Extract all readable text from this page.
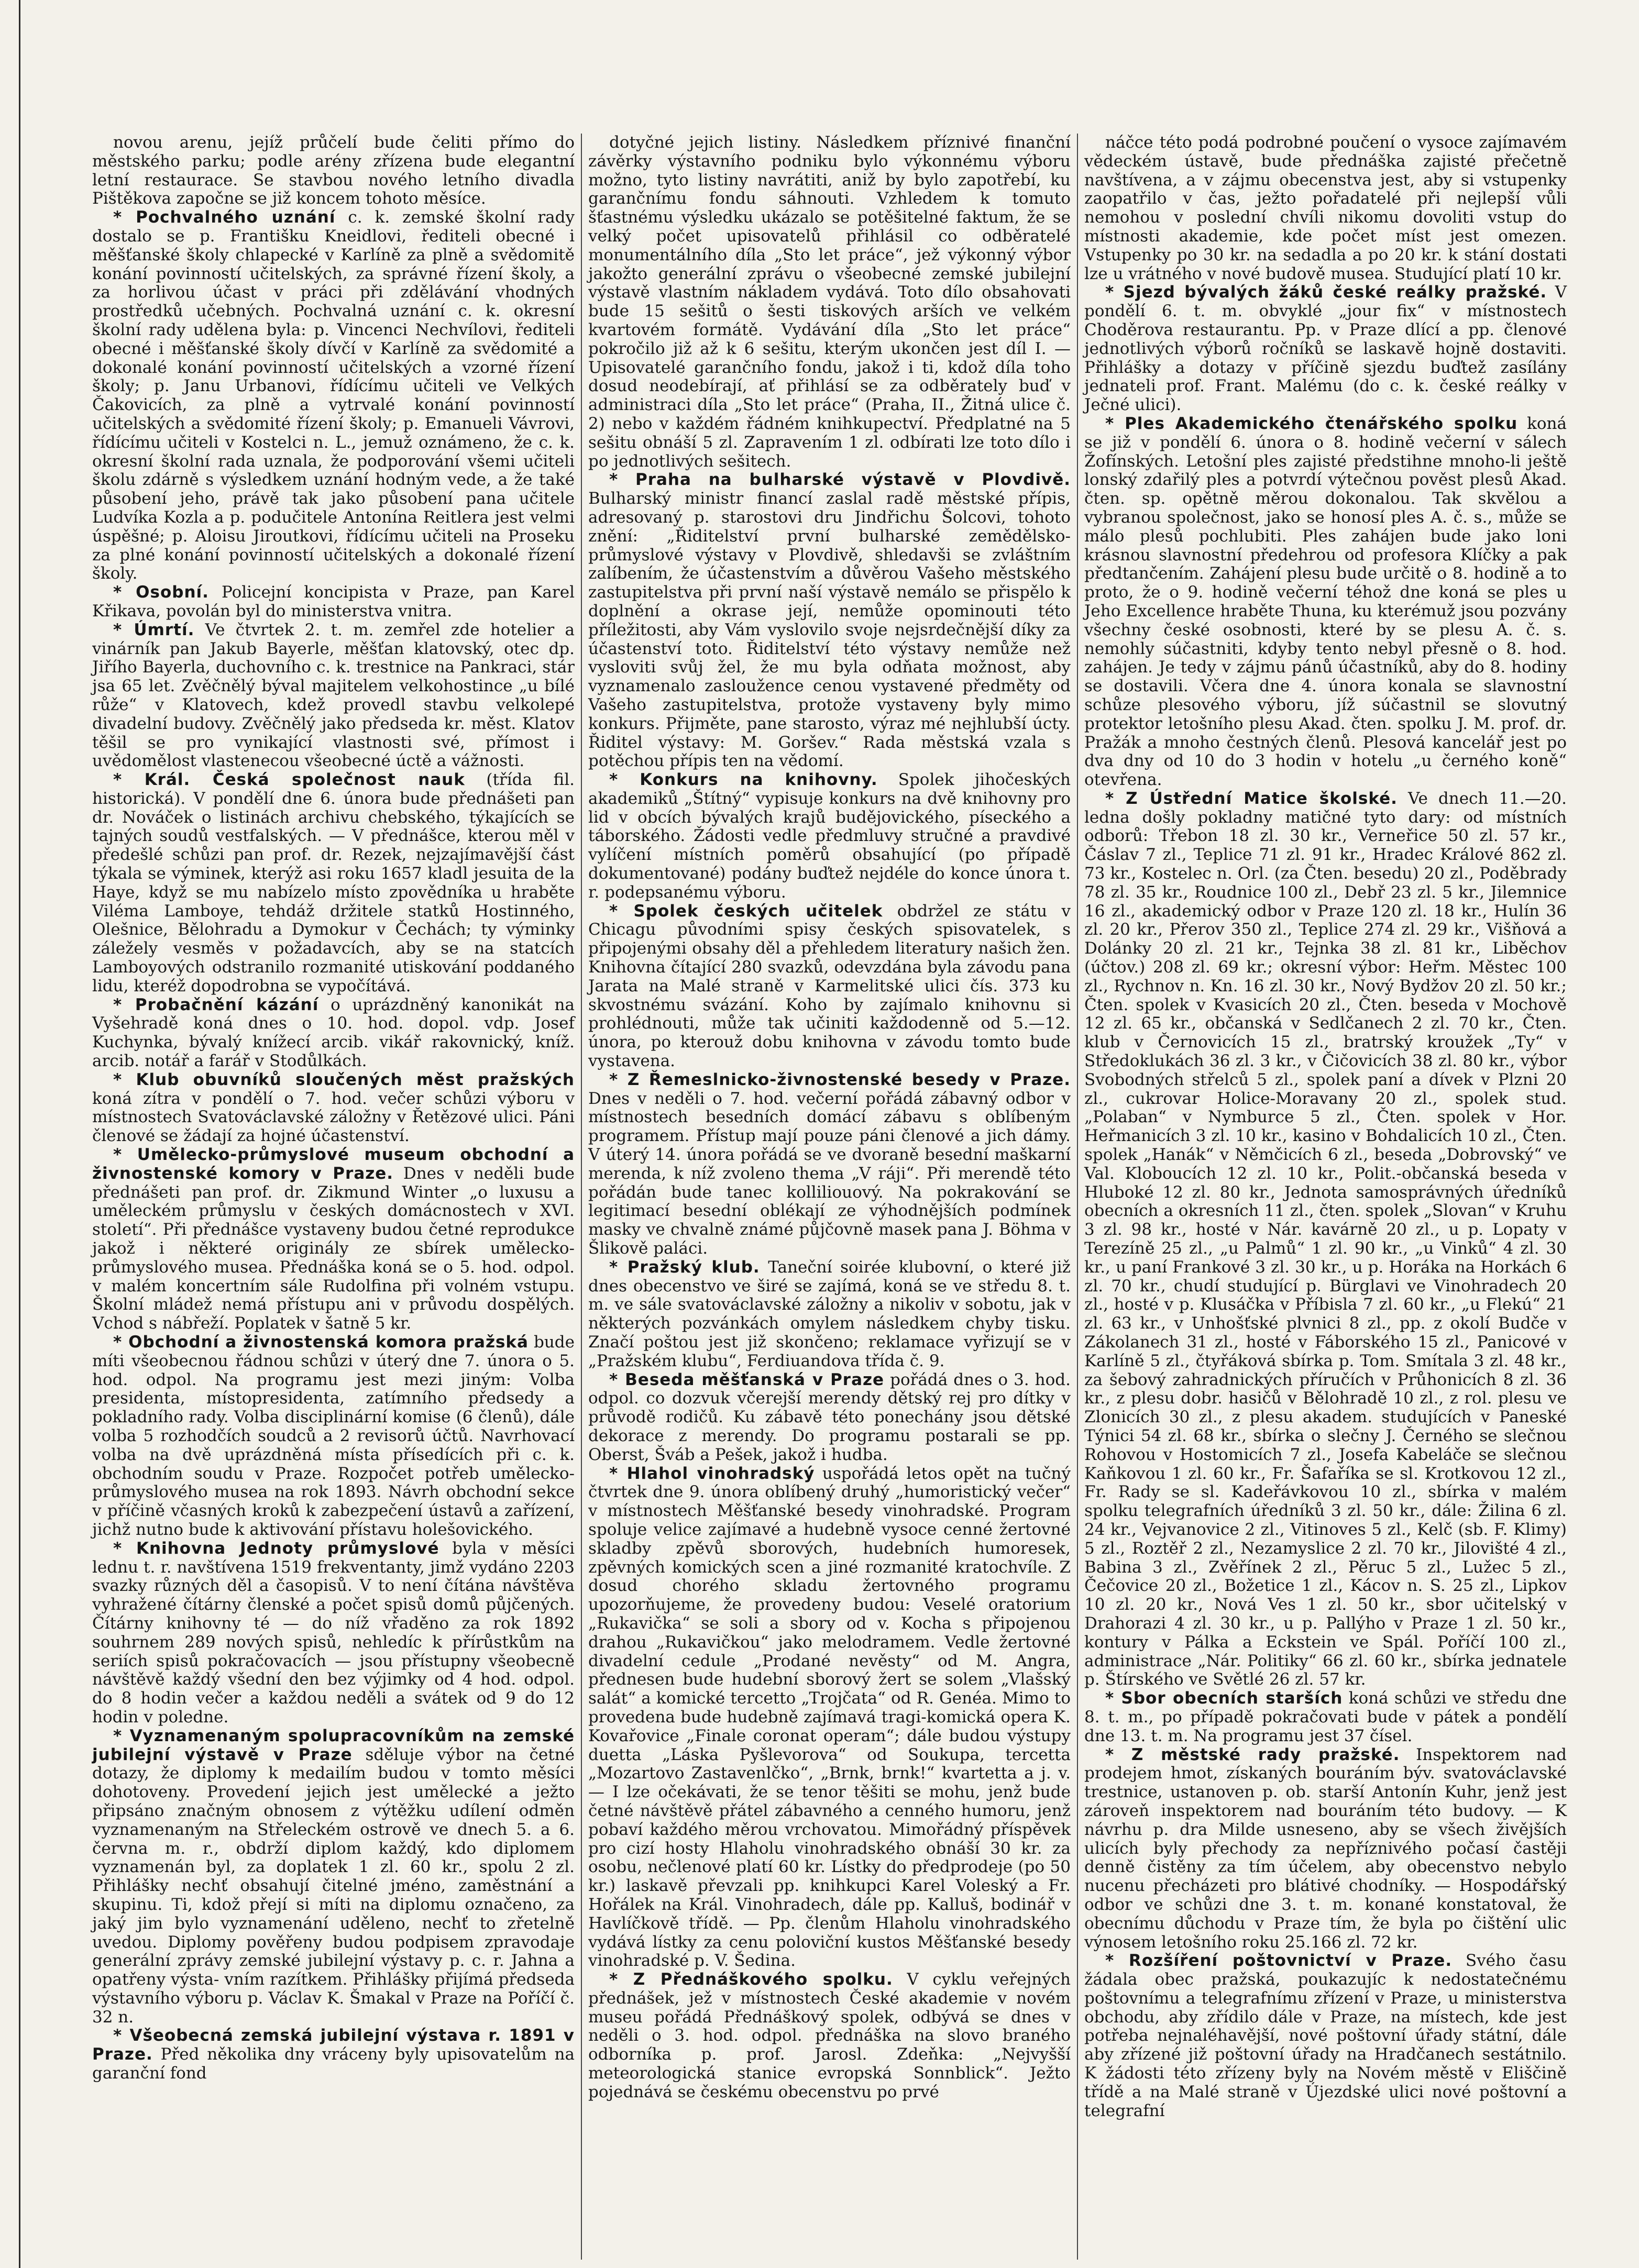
novou arenu, jejíž průčelí bude čeliti přímo do městského parku; podle arény zřízena bude elegantní letní restaurace. Se stavbou nového letního divadla Pištěkova započne se již koncem tohoto měsíce.

* Pochvalného uznání c. k. zemské školní rady dostalo se p. Františku Kneidlovi, řediteli obecné i měšťanské školy chlapecké v Karlíně za plně a svědomitě konání povinností učitelských, za správné řízení školy, a za horlivou účast v práci při zdělávání vhodných prostředků učebných. Pochvalná uznání c. k. okresní školní rady udělena byla: p. Vincenci Nechvílovi, řediteli obecné i měšťanské školy dívčí v Karlíně za svědomité a dokonalé konání povinností učitelských a vzorné řízení školy; p. Janu Urbanovi, řídícímu učiteli ve Velkých Čakovicích, za plně a vytrvalé konání povinností učitelských a svědomité řízení školy; p. Emanueli Vávrovi, řídícímu učiteli v Kostelci n. L., jemuž oznámeno, že c. k. okresní školní rada uznala, že podporování všemi učiteli školu zdárně s výsledkem uznání hodným vede, a že také působení jeho, právě tak jako působení pana učitele Ludvíka Kozla a p. podučitele Antonína Reitlera jest velmi úspěšné; p. Aloisu Jiroutkovi, řídícímu učiteli na Proseku za plné konání povinností učitelských a dokonalé řízení školy.

* Osobní. Policejní koncipista v Praze, pan Karel Křikava, povolán byl do ministerstva vnitra.

* Úmrtí. Ve čtvrtek 2. t. m. zemřel zde hotelier a vinárník pan Jakub Bayerle, měšťan klatovský, otec dp. Jiřího Bayerla, duchovního c. k. trestnice na Pankraci, stár jsa 65 let. Zvěčnělý býval majitelem velkohostince „u bílé růže“ v Klatovech, kdež provedl stavbu velkolepé divadelní budovy. Zvěčnělý jako předseda kr. měst. Klatov těšil se pro vynikající vlastnosti své, přímost i uvědomělost vlastenecou všeobecné úctě a vážnosti.

* Král. Česká společnost nauk (třída fil. historická). V pondělí dne 6. února bude přednášeti pan dr. Nováček o listinách archivu chebského, týkajících se tajných soudů vestfalských. — V přednášce, kterou měl v předešlé schůzi pan prof. dr. Rezek, nejzajímavější část týkala se výminek, kterýž asi roku 1657 kladl jesuita de la Haye, když se mu nabízelo místo zpovědníka u hraběte Viléma Lamboye, tehdáž držitele statků Hostinného, Olešnice, Bělohradu a Dymokur v Čechách; ty výminky záležely vesměs v požadavcích, aby se na statcích Lamboyových odstranilo rozmanité utiskování poddaného lidu, kteréž dopodrobna se vypočítává.

* Probačnění kázání o uprázdněný kanonikát na Vyšehradě koná dnes o 10. hod. dopol. vdp. Josef Kuchynka, bývalý knížecí arcib. vikář rakovnický, kníž. arcib. notář a farář v Stodůlkách.

* Klub obuvníků sloučených měst pražských koná zítra v pondělí o 7. hod. večer schůzi výboru v místnostech Svatováclavské záložny v Řetězové ulici. Páni členové se žádají za hojné účastenství.

* Umělecko-průmyslové museum obchodní a živnostenské komory v Praze. Dnes v neděli bude přednášeti pan prof. dr. Zikmund Winter „o luxusu a uměleckém průmyslu v českých domácnostech v XVI. století“. Při přednášce vystaveny budou četné reprodukce jakož i některé originály ze sbírek umělecko-průmyslového musea. Přednáška koná se o 5. hod. odpol. v malém koncertním sále Rudolfina při volném vstupu. Školní mládež nemá přístupu ani v průvodu dospělých. Vchod s nábřeží. Poplatek v šatně 5 kr.

* Obchodní a živnostenská komora pražská bude míti všeobecnou řádnou schůzi v úterý dne 7. února o 5. hod. odpol. Na programu jest mezi jiným: Volba presidenta, místopresidenta, zatímního předsedy a pokladního rady. Volba disciplinární komise (6 členů), dále volba 5 rozhodčích soudců a 2 revisorů účtů. Navrhovací volba na dvě uprázdněná místa přísedících při c. k. obchodním soudu v Praze. Rozpočet potřeb umělecko-průmyslového musea na rok 1893. Návrh obchodní sekce v příčině včasných kroků k zabezpečení ústavů a zařízení, jichž nutno bude k aktivování přístavu holešovického.

* Knihovna Jednoty průmyslové byla v měsíci lednu t. r. navštívena 1519 frekventanty, jimž vydáno 2203 svazky různých děl a časopisů. V to není čítána návštěva vyhražené čítárny členské a počet spisů domů půjčených. Čítárny knihovny té — do níž vřaděno za rok 1892 souhrnem 289 nových spisů, nehledíc k přírůstkům na seriích spisů pokračovacích — jsou přístupny všeobecně návštěvě každý všední den bez výjimky od 4 hod. odpol. do 8 hodin večer a každou neděli a svátek od 9 do 12 hodin v poledne.

* Vyznamenaným spolupracovníkům na zemské jubilejní výstavě v Praze sděluje výbor na četné dotazy, že diplomy k medailím budou v tomto měsíci dohotoveny. Provedení jejich jest umělecké a ježto připsáno značným obnosem z výtěžku udílení odměn vyznamenaným na Střeleckém ostrově ve dnech 5. a 6. června m. r., obdrží diplom každý, kdo diplomem vyznamenán byl, za doplatek 1 zl. 60 kr., spolu 2 zl. Přihlášky nechť obsahují čitelné jméno, zaměstnání a skupinu. Ti, kdož přejí si míti na diplomu označeno, za jaký jim bylo vyznamenání uděleno, nechť to zřetelně uvedou. Diplomy pověřeny budou podpisem zpravodaje generální zprávy zemské jubilejní výstavy p. c. r. Jahna a opatřeny výsta- vním razítkem. Přihlášky přijímá předseda výstavního výboru p. Václav K. Šmakal v Praze na Poříčí č. 32 n.

* Všeobecná zemská jubilejní výstava r. 1891 v Praze. Před několika dny vráceny byly upisovatelům na garanční fond

dotyčné jejich listiny. Následkem příznivé finanční závěrky výstavního podniku bylo výkonnému výboru možno, tyto listiny navrátiti, aniž by bylo zapotřebí, ku garančnímu fondu sáhnouti. Vzhledem k tomuto šťastnému výsledku ukázalo se potěšitelné faktum, že se velký počet upisovatelů přihlásil co odběratelé monumentálního díla „Sto let práce“, jež výkonný výbor jakožto generální zprávu o všeobecné zemské jubilejní výstavě vlastním nákladem vydává. Toto dílo obsahovati bude 15 sešitů o šesti tiskových arších ve velkém kvartovém formátě. Vydávání díla „Sto let práce“ pokročilo již až k 6 sešitu, kterým ukončen jest díl I. — Upisovatelé garančního fondu, jakož i ti, kdož díla toho dosud neodebírají, ať přihlásí se za odběrately buď v administraci díla „Sto let práce“ (Praha, II., Žitná ulice č. 2) nebo v každém řádném knihkupectví. Předplatné na 5 sešitu obnáší 5 zl. Zapravením 1 zl. odbírati lze toto dílo i po jednotlivých sešitech.

* Praha na bulharské výstavě v Plovdivě. Bulharský ministr financí zaslal radě městské přípis, adresovaný p. starostovi dru Jindřichu Šolcovi, tohoto znění: „Řiditelství první bulharské zemědělsko-průmyslové výstavy v Plovdivě, shledavši se zvláštním zalíbením, že účastenstvím a důvěrou Vašeho městského zastupitelstva při první naší výstavě nemálo se přispělo k doplnění a okrase její, nemůže opominouti této příležitosti, aby Vám vyslovilo svoje nejsrdečnější díky za účastenství toto. Řiditelství této výstavy nemůže než vysloviti svůj žel, že mu byla odňata možnost, aby vyznamenalo zasloužence cenou vystavené předměty od Vašeho zastupitelstva, protože vystaveny byly mimo konkurs. Přijměte, pane starosto, výraz mé nejhlubší úcty. Řiditel výstavy: M. Goršev.“ Rada městská vzala s potěchou přípis ten na vědomí.

* Konkurs na knihovny. Spolek jihočeských akademiků „Štítný“ vypisuje konkurs na dvě knihovny pro lid v obcích bývalých krajů budějovického, píseckého a táborského. Žádosti vedle předmluvy stručné a pravdivé vylíčení místních poměrů obsahující (po případě dokumentované) podány buďtež nejdéle do konce února t. r. podepsanému výboru.

* Spolek českých učitelek obdržel ze státu v Chicagu původními spisy českých spisovatelek, s připojenými obsahy děl a přehledem literatury našich žen. Knihovna čítající 280 svazků, odevzdána byla závodu pana Jarata na Malé straně v Karmelitské ulici čís. 373 ku skvostnému svázání. Koho by zajímalo knihovnu si prohlédnouti, může tak učiniti každodenně od 5.—12. února, po kterouž dobu knihovna v závodu tomto bude vystavena.

* Z Řemeslnicko-živnostenské besedy v Praze. Dnes v neděli o 7. hod. večerní pořádá zábavný odbor v místnostech besedních domácí zábavu s oblíbeným programem. Přístup mají pouze páni členové a jich dámy. V úterý 14. února pořádá se ve dvoraně besední maškarní merenda, k níž zvoleno thema „V ráji“. Při merendě této pořádán bude tanec kolliliouový. Na pokrakování se legitimací besední oblékají ze výhodnějších podmínek masky ve chvalně známé půjčovně masek pana J. Böhma v Šlikově paláci.

* Pražský klub. Taneční soirée klubovní, o které již dnes obecenstvo ve širé se zajímá, koná se ve středu 8. t. m. ve sále svatováclavské záložny a nikoliv v sobotu, jak v některých pozvánkách omylem následkem chyby tisku. Značí poštou jest již skončeno; reklamace vyřizují se v „Pražském klubu“, Ferdiuandova třída č. 9.

* Beseda měšťanská v Praze pořádá dnes o 3. hod. odpol. co dozvuk včerejší merendy dětský rej pro dítky v průvodě rodičů. Ku zábavě této ponechány jsou dětské dekorace z merendy. Do programu postarali se pp. Oberst, Šváb a Pešek, jakož i hudba.

* Hlahol vinohradský uspořádá letos opět na tučný čtvrtek dne 9. února oblíbený druhý „humoristický večer“ v místnostech Měšťanské besedy vinohradské. Program spoluje velice zajímavé a hudebně vysoce cenné žertovné skladby zpěvů sborových, hudebních humoresek, zpěvných komických scen a jiné rozmanité kratochvíle. Z dosud chorého skladu žertovného programu upozorňujeme, že provedeny budou: Veselé oratorium „Rukavička“ se soli a sbory od v. Kocha s připojenou drahou „Rukavičkou“ jako melodramem. Vedle žertovné divadelní cedule „Prodané nevěsty“ od M. Angra, přednesen bude hudební sborový žert se solem „Vlašský salát“ a komické tercetto „Trojčata“ od R. Genéa. Mimo to provedena bude hudebně zajímavá tragi-komická opera K. Kovařovice „Finale coronat operam“; dále budou výstupy duetta „Láska Pyšlevorova“ od Soukupa, tercetta „Mozartovo Zastavenlčko“, „Brnk, brnk!“ kvartetta a j. v. — I lze očekávati, že se tenor těšiti se mohu, jenž bude četné návštěvě přátel zábavného a cenného humoru, jenž pobaví každého měrou vrchovatou. Mimořádný příspěvek pro cizí hosty Hlaholu vinohradského obnáší 30 kr. za osobu, nečlenové platí 60 kr. Lístky do předprodeje (po 50 kr.) laskavě převzali pp. knihkupci Karel Voleský a Fr. Hořálek na Král. Vinohradech, dále pp. Kalluš, bodinář v Havlíčkově třídě. — Pp. členům Hlaholu vinohradského vydává lístky za cenu poloviční kustos Měšťanské besedy vinohradské p. V. Šedina.

* Z Přednáškového spolku. V cyklu veřejných přednášek, jež v místnostech České akademie v novém museu pořádá Přednáškový spolek, odbývá se dnes v neděli o 3. hod. odpol. přednáška na slovo braného odborníka p. prof. Jarosl. Zdeňka: „Nejvyšší meteorologická stanice evropská Sonnblick“. Ježto pojednává se českému obecenstvu po prvé

náčce této podá podrobné poučení o vysoce zajímavém vědeckém ústavě, bude přednáška zajisté přečetně navštívena, a v zájmu obecenstva jest, aby si vstupenky zaopatřilo v čas, ježto pořadatelé při nejlepší vůli nemohou v poslední chvíli nikomu dovoliti vstup do místnosti akademie, kde počet míst jest omezen. Vstupenky po 30 kr. na sedadla a po 20 kr. k stání dostati lze u vrátného v nové budově musea. Studující platí 10 kr.

* Sjezd bývalých žáků české reálky pražské. V pondělí 6. t. m. obvyklé „jour fix“ v místnostech Choděrova restaurantu. Pp. v Praze dlící a pp. členové jednotlivých výborů ročníků se laskavě hojně dostaviti. Přihlášky a dotazy v příčině sjezdu buďtež zasílány jednateli prof. Frant. Malému (do c. k. české reálky v Ječné ulici).

* Ples Akademického čtenářského spolku koná se již v pondělí 6. února o 8. hodině večerní v sálech Žofínských. Letošní ples zajisté předstihne mnoho-li ještě lonský zdařilý ples a potvrdí výtečnou pověst plesů Akad. čten. sp. opětně měrou dokonalou. Tak skvělou a vybranou společnost, jako se honosí ples A. č. s., může se málo plesů pochlubiti. Ples zahájen bude jako loni krásnou slavnostní předehrou od profesora Klíčky a pak předtančením. Zahájení plesu bude určitě o 8. hodině a to proto, že o 9. hodině večerní téhož dne koná se ples u Jeho Excellence hraběte Thuna, ku kterémuž jsou pozvány všechny české osobnosti, které by se plesu A. č. s. nemohly súčastniti, kdyby tento nebyl přesně o 8. hod. zahájen. Je tedy v zájmu pánů účastníků, aby do 8. hodiny se dostavili. Včera dne 4. února konala se slavnostní schůze plesového výboru, jíž súčastnil se slovutný protektor letošního plesu Akad. čten. spolku J. M. prof. dr. Pražák a mnoho čestných členů. Plesová kancelář jest po dva dny od 10 do 3 hodin v hotelu „u černého koně“ otevřena.

* Z Ústřední Matice školské. Ve dnech 11.—20. ledna došly pokladny matičné tyto dary: od místních odborů: Třebon 18 zl. 30 kr., Verneřice 50 zl. 57 kr., Čáslav 7 zl., Teplice 71 zl. 91 kr., Hradec Králové 862 zl. 73 kr., Kostelec n. Orl. (za Čten. besedu) 20 zl., Poděbrady 78 zl. 35 kr., Roudnice 100 zl., Debř 23 zl. 5 kr., Jilemnice 16 zl., akademický odbor v Praze 120 zl. 18 kr., Hulín 36 zl. 20 kr., Přerov 350 zl., Teplice 274 zl. 29 kr., Višňová a Dolánky 20 zl. 21 kr., Tejnka 38 zl. 81 kr., Liběchov (účtov.) 208 zl. 69 kr.; okresní výbor: Heřm. Městec 100 zl., Rychnov n. Kn. 16 zl. 30 kr., Nový Bydžov 20 zl. 50 kr.; Čten. spolek v Kvasicích 20 zl., Čten. beseda v Mochově 12 zl. 65 kr., občanská v Sedlčanech 2 zl. 70 kr., Čten. klub v Černovicích 15 zl., bratrský kroužek „Ty“ v Středoklukách 36 zl. 3 kr., v Čičovicích 38 zl. 80 kr., výbor Svobodných střelců 5 zl., spolek paní a dívek v Plzni 20 zl., cukrovar Holice-Moravany 20 zl., spolek stud. „Polaban“ v Nymburce 5 zl., Čten. spolek v Hor. Heřmanicích 3 zl. 10 kr., kasino v Bohdalicích 10 zl., Čten. spolek „Hanák“ v Němčicích 6 zl., beseda „Dobrovský“ ve Val. Kloboucích 12 zl. 10 kr., Polit.-občanská beseda v Hluboké 12 zl. 80 kr., Jednota samosprávných úředníků obecních a okresních 11 zl., čten. spolek „Slovan“ v Kruhu 3 zl. 98 kr., hosté v Nár. kavárně 20 zl., u p. Lopaty v Terezíně 25 zl., „u Palmů“ 1 zl. 90 kr., „u Vinků“ 4 zl. 30 kr., u paní Frankové 3 zl. 30 kr., u p. Horáka na Horkách 6 zl. 70 kr., chudí studující p. Bürglavi ve Vinohradech 20 zl., hosté v p. Klusáčka v Příbisla 7 zl. 60 kr., „u Flekú“ 21 zl. 63 kr., v Unhošťské plvnici 8 zl., pp. z okolí Budče v Zákolanech 31 zl., hosté v Fáborského 15 zl., Panicové v Karlíně 5 zl., čtyřáková sbírka p. Tom. Smítala 3 zl. 48 kr., za šebový zahradnických příručích v Průhonicích 8 zl. 36 kr., z plesu dobr. hasičů v Bělohradě 10 zl., z rol. plesu ve Zlonicích 30 zl., z plesu akadem. studujících v Paneské Týnici 54 zl. 68 kr., sbírka o slečny J. Černého se slečnou Rohovou v Hostomicích 7 zl., Josefa Kabeláče se slečnou Kaňkovou 1 zl. 60 kr., Fr. Šafaříka se sl. Krotkovou 12 zl., Fr. Rady se sl. Kadeřávkovou 10 zl., sbírka v malém spolku telegrafních úředníků 3 zl. 50 kr., dále: Žilina 6 zl. 24 kr., Vejvanovice 2 zl., Vitinoves 5 zl., Kelč (sb. F. Klimy) 5 zl., Roztěř 2 zl., Nezamyslice 2 zl. 70 kr., Jilovišté 4 zl., Babina 3 zl., Zvěřínek 2 zl., Pěruc 5 zl., Lužec 5 zl., Čečovice 20 zl., Božetice 1 zl., Kácov n. S. 25 zl., Lipkov 10 zl. 20 kr., Nová Ves 1 zl. 50 kr., sbor učitelský v Drahorazi 4 zl. 30 kr., u p. Pallýho v Praze 1 zl. 50 kr., kontury v Pálka a Eckstein ve Spál. Poříčí 100 zl., administrace „Nár. Politiky“ 66 zl. 60 kr., sbírka jednatele p. Štírského ve Světlé 26 zl. 57 kr.

* Sbor obecních starších koná schůzi ve středu dne 8. t. m., po případě pokračovati bude v pátek a pondělí dne 13. t. m. Na programu jest 37 čísel.

* Z městské rady pražské. Inspektorem nad prodejem hmot, získaných bouráním býv. svatováclavské trestnice, ustanoven p. ob. starší Antonín Kuhr, jenž jest zároveň inspektorem nad bouráním této budovy. — K návrhu p. dra Milde usneseno, aby se všech živějších ulicích byly přechody za nepříznivého počasí častěji denně čistěny za tím účelem, aby obecenstvo nebylo nucenu přecházeti pro blátivé chodníky. — Hospodářský odbor ve schůzi dne 3. t. m. konané konstatoval, že obecnímu důchodu v Praze tím, že byla po čištění ulic výnosem letošního roku 25.166 zl. 72 kr.

* Rozšíření poštovnictví v Praze. Svého času žádala obec pražská, poukazujíc k nedostatečnému poštovnímu a telegrafnímu zřízení v Praze, u ministerstva obchodu, aby zřídilo dále v Praze, na místech, kde jest potřeba nejnaléhavější, nové poštovní úřady státní, dále aby zřízené již poštovní úřady na Hradčanech sestátnilo. K žádosti této zřízeny byly na Novém městě v Eliščině třídě a na Malé straně v Újezdské ulici nové poštovní a telegrafní
